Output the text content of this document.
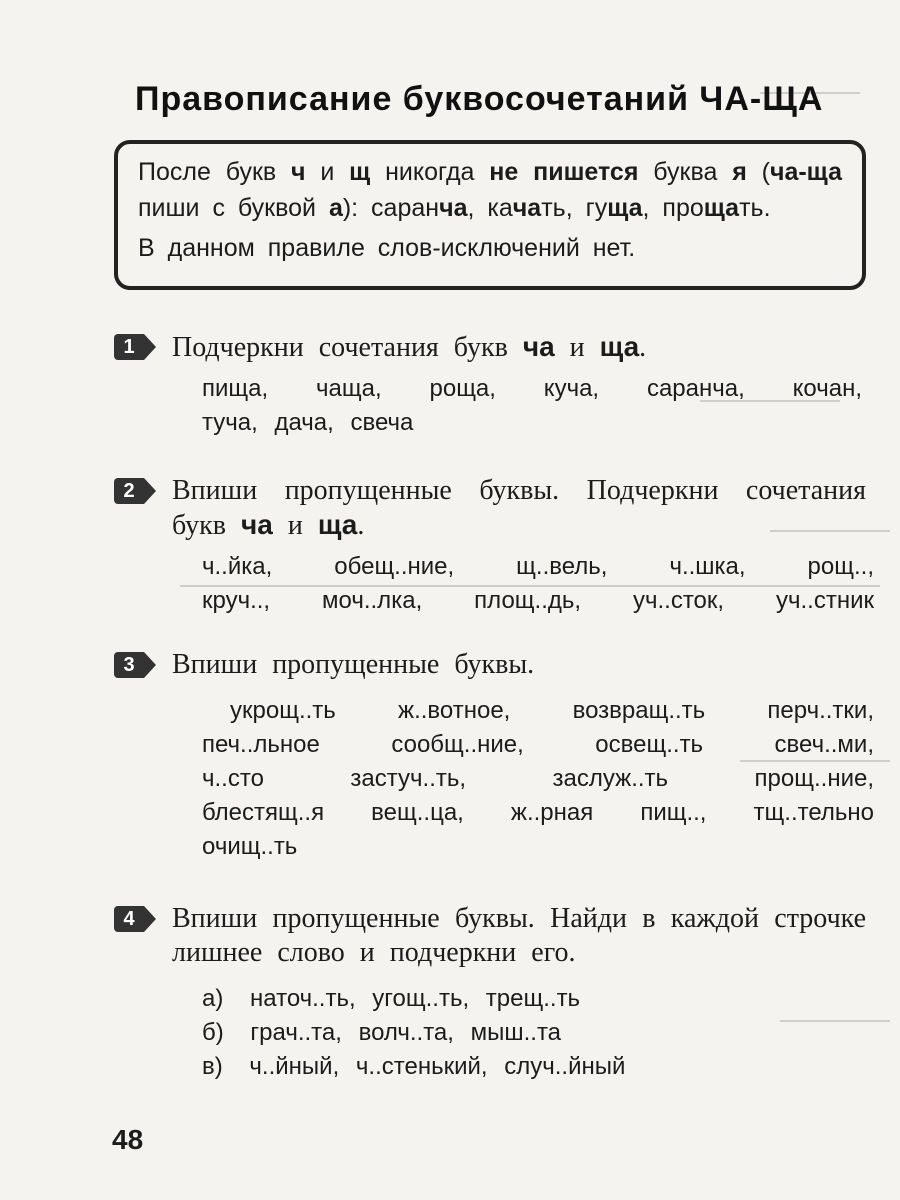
Правописание буквосочетаний ЧА-ЩА
После букв ч и щ никогда не пишется буква я (ча-ща пиши с буквой а): саранча, качать, гуща, прощать.
В данном правиле слов-исключений нет.
1	Подчеркни сочетания букв ча и ща.
пища, чаща, роща, куча, саранча, кочан,
туча, дача, свеча
2	Впиши пропущенные буквы. Подчеркни сочетания букв ча и ща.
ч..йка, обещ..ние, щ..вель, ч..шка, рощ..,
круч.., моч..лка, площ..дь, уч..сток, уч..стник
3	Впиши пропущенные буквы.
укрощ..ть ж..вотное, возвращ..ть перч..тки,
печ..льное сообщ..ние, освещ..ть свеч..ми,
ч..сто застуч..ть, заслуж..ть прощ..ние,
блестящ..я вещ..ца, ж..рная пищ.., тщ..тельно
очищ..ть
4	Впиши пропущенные буквы. Найди в каждой строчке лишнее слово и подчеркни его.
а) наточ..ть, угощ..ть, трещ..ть
б) грач..та, волч..та, мыш..та
в) ч..йный, ч..стенький, случ..йный
48
